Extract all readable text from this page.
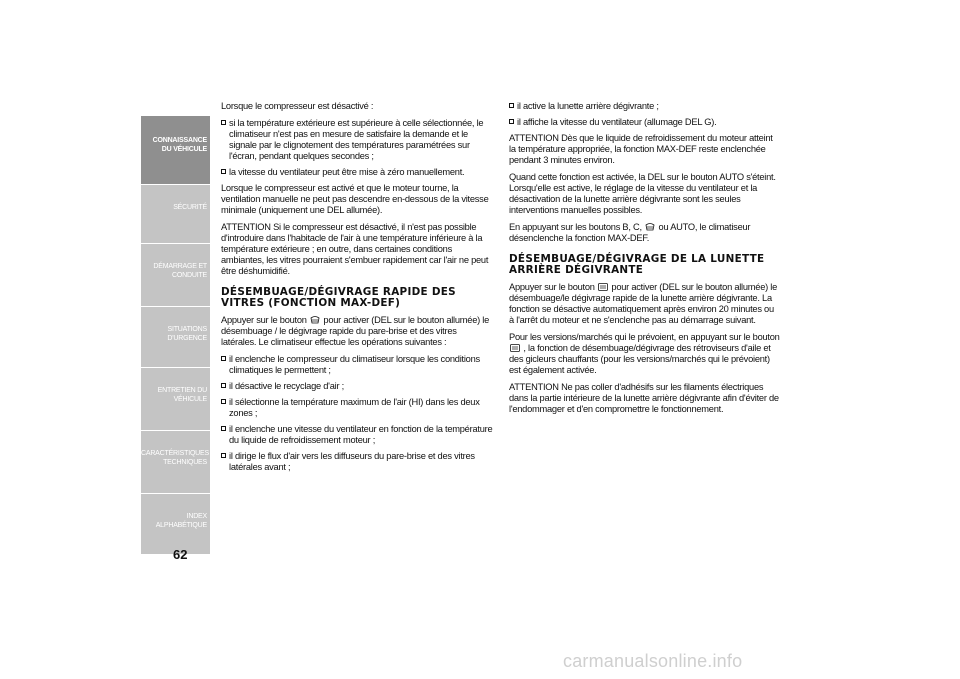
CONNAISSANCE DU VÉHICULE
SÉCURITÉ
DÉMARRAGE ET CONDUITE
SITUATIONS D'URGENCE
ENTRETIEN DU VÉHICULE
CARACTÉRISTIQUES TECHNIQUES
INDEX ALPHABÉTIQUE
62

Lorsque le compresseur est désactivé :

si la température extérieure est supérieure à celle sélectionnée, le climatiseur n'est pas en mesure de satisfaire la demande et le signale par le clignotement des températures paramétrées sur l'écran, pendant quelques secondes ;
la vitesse du ventilateur peut être mise à zéro manuellement.

Lorsque le compresseur est activé et que le moteur tourne, la ventilation manuelle ne peut pas descendre en-dessous de la vitesse minimale (uniquement une DEL allumée).

ATTENTION Si le compresseur est désactivé, il n'est pas possible d'introduire dans l'habitacle de l'air à une température inférieure à la température extérieure ; en outre, dans certaines conditions ambiantes, les vitres pourraient s'embuer rapidement car l'air ne peut être déshumidifié.

DÉSEMBUAGE/DÉGIVRAGE RAPIDE DES VITRES (FONCTION MAX-DEF)

Appuyer sur le bouton pour activer (DEL sur le bouton allumée) le désembuage / le dégivrage rapide du pare-brise et des vitres latérales. Le climatiseur effectue les opérations suivantes :

il enclenche le compresseur du climatiseur lorsque les conditions climatiques le permettent ;
il désactive le recyclage d'air ;
il sélectionne la température maximum de l'air (HI) dans les deux zones ;
il enclenche une vitesse du ventilateur en fonction de la température du liquide de refroidissement moteur ;
il dirige le flux d'air vers les diffuseurs du pare-brise et des vitres latérales avant ;
il active la lunette arrière dégivrante ;
il affiche la vitesse du ventilateur (allumage DEL G).

ATTENTION Dès que le liquide de refroidissement du moteur atteint la température appropriée, la fonction MAX-DEF reste enclenchée pendant 3 minutes environ.

Quand cette fonction est activée, la DEL sur le bouton AUTO s'éteint. Lorsqu'elle est active, le réglage de la vitesse du ventilateur et la désactivation de la lunette arrière dégivrante sont les seules interventions manuelles possibles.

En appuyant sur les boutons B, C, ou AUTO, le climatiseur désenclenche la fonction MAX-DEF.

DÉSEMBUAGE/DÉGIVRAGE DE LA LUNETTE ARRIÈRE DÉGIVRANTE

Appuyer sur le bouton pour activer (DEL sur le bouton allumée) le désembuage/le dégivrage rapide de la lunette arrière dégivrante. La fonction se désactive automatiquement après environ 20 minutes ou à l'arrêt du moteur et ne s'enclenche pas au démarrage suivant.

Pour les versions/marchés qui le prévoient, en appuyant sur le bouton  , la fonction de désembuage/dégivrage des rétroviseurs d'aile et des gicleurs chauffants (pour les versions/marchés qui le prévoient) est également activée.

ATTENTION Ne pas coller d'adhésifs sur les filaments électriques dans la partie intérieure de la lunette arrière dégivrante afin d'éviter de l'endommager et d'en compromettre le fonctionnement.

carmanualsonline.info
